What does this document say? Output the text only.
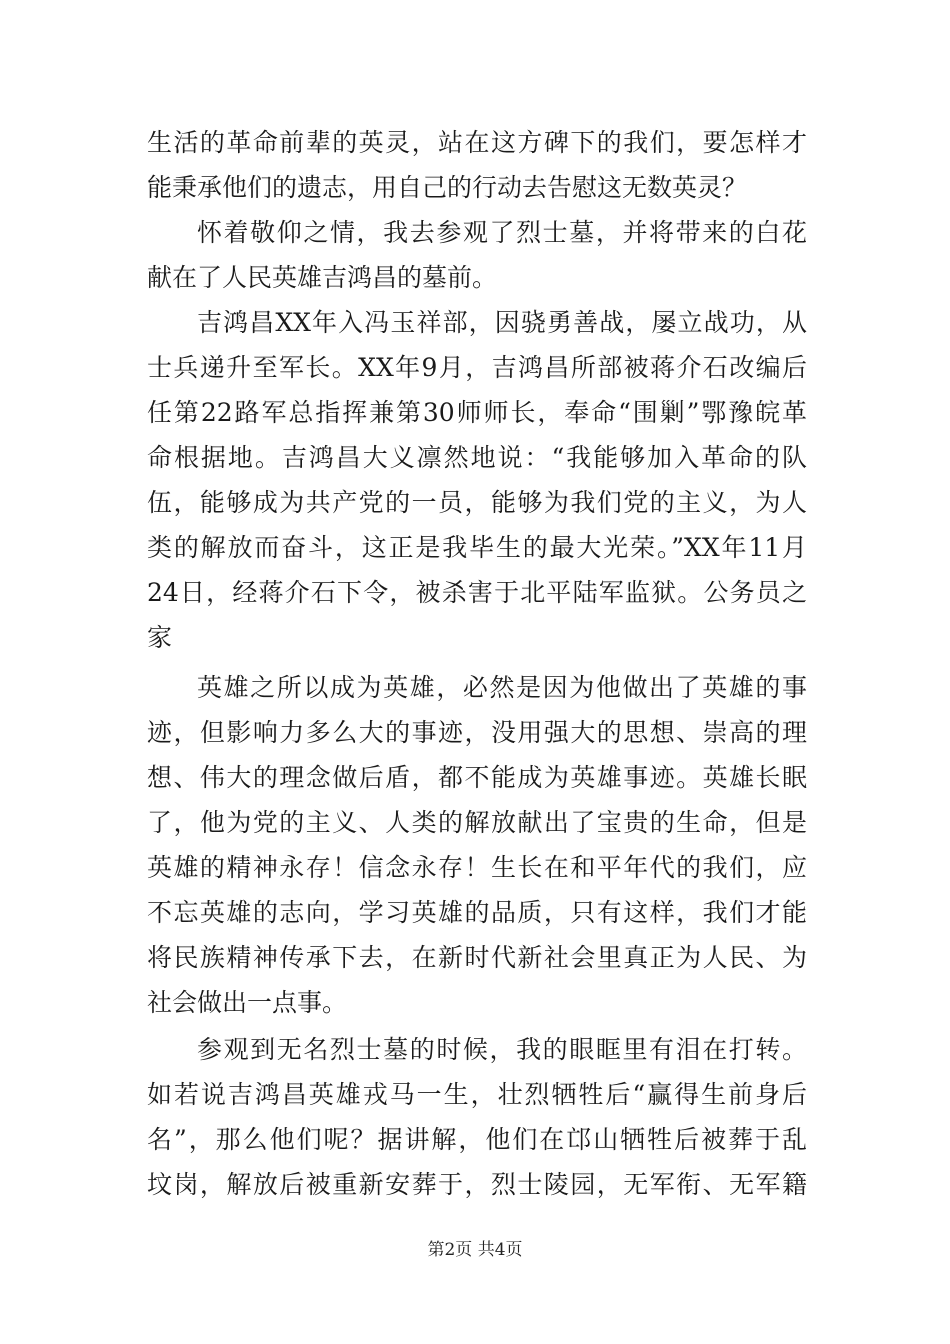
生活的革命前辈的英灵，站在这方碑下的我们，要怎样才
能秉承他们的遗志，用自己的行动去告慰这无数英灵？
怀着敬仰之情，我去参观了烈士墓，并将带来的白花
献在了人民英雄吉鸿昌的墓前。
吉鸿昌XX年入冯玉祥部，因骁勇善战，屡立战功，从
士兵递升至军长。XX年9月，吉鸿昌所部被蒋介石改编后
任第22路军总指挥兼第30师师长，奉命“围剿”鄂豫皖革
命根据地。吉鸿昌大义凛然地说：“我能够加入革命的队
伍，能够成为共产党的一员，能够为我们党的主义，为人
类的解放而奋斗，这正是我毕生的最大光荣。”XX年11月
24日，经蒋介石下令，被杀害于北平陆军监狱。公务员之
家
英雄之所以成为英雄，必然是因为他做出了英雄的事
迹，但影响力多么大的事迹，没用强大的思想、崇高的理
想、伟大的理念做后盾，都不能成为英雄事迹。英雄长眠
了，他为党的主义、人类的解放献出了宝贵的生命，但是
英雄的精神永存！信念永存！生长在和平年代的我们，应
不忘英雄的志向，学习英雄的品质，只有这样，我们才能
将民族精神传承下去，在新时代新社会里真正为人民、为
社会做出一点事。
参观到无名烈士墓的时候，我的眼眶里有泪在打转。
如若说吉鸿昌英雄戎马一生，壮烈牺牲后“赢得生前身后
名”，那么他们呢？据讲解，他们在邙山牺牲后被葬于乱
坟岗，解放后被重新安葬于，烈士陵园，无军衔、无军籍
第2页 共4页
